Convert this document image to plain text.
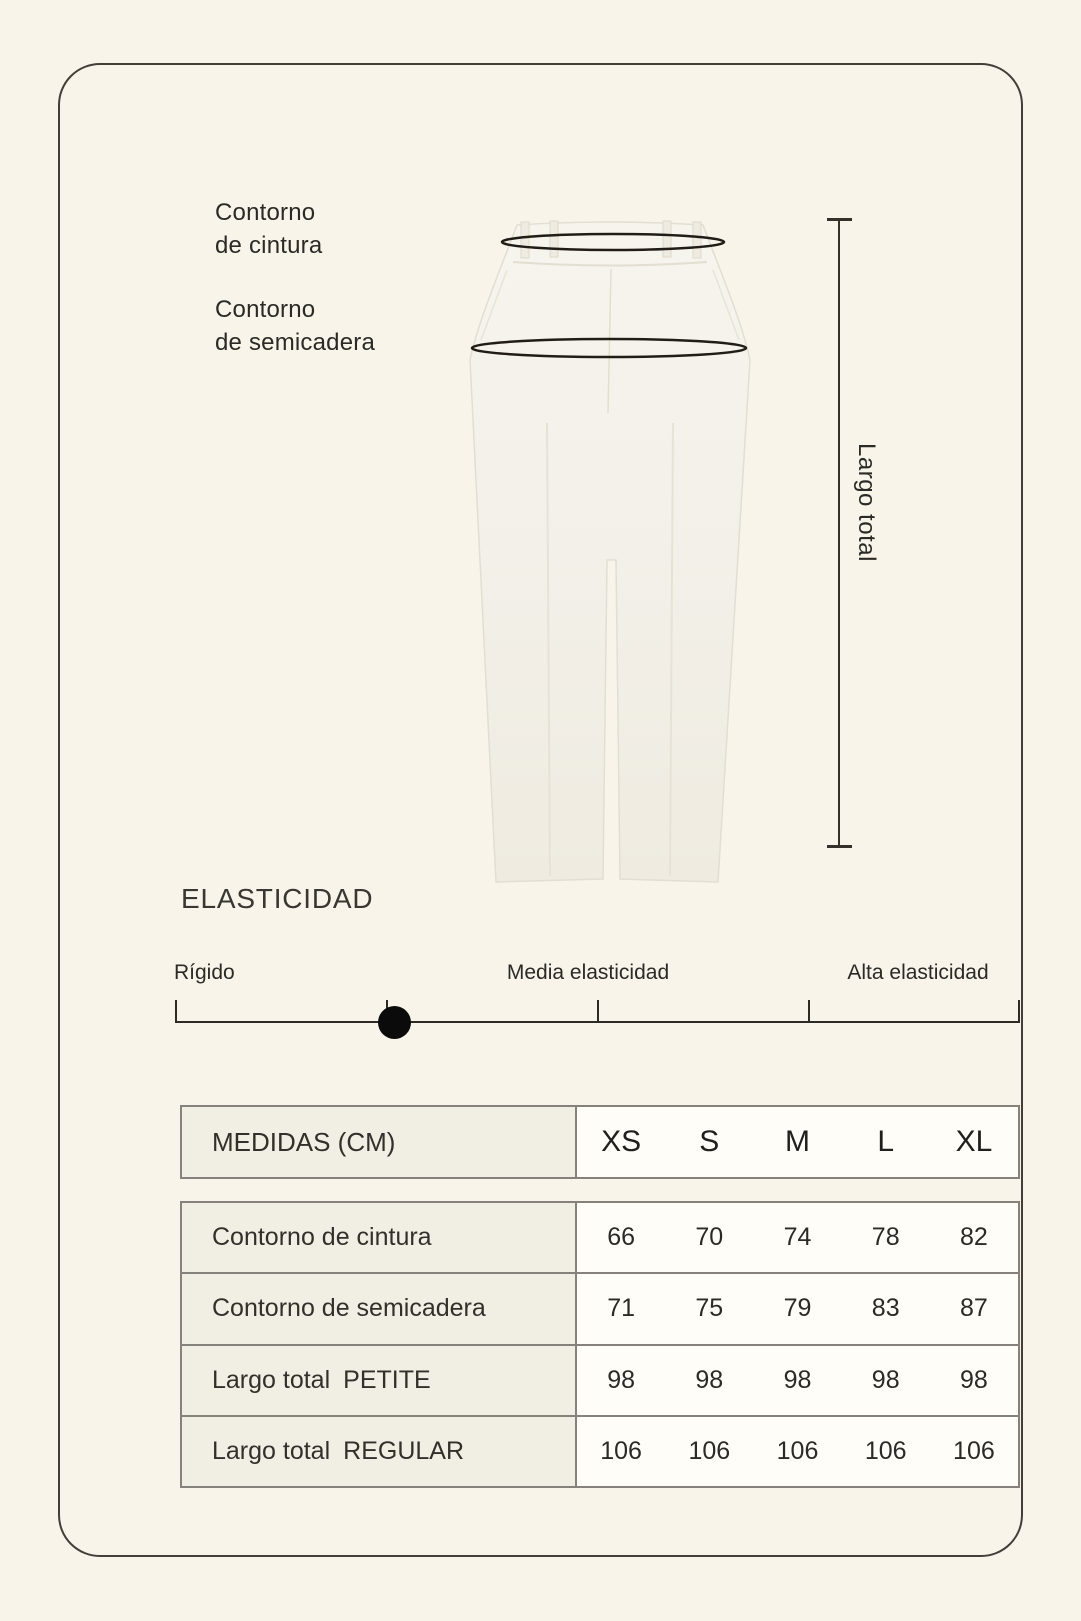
Contorno
de cintura
Contorno
de semicadera
Largo total
ELASTICIDAD
Rígido	Media elasticidad	Alta elasticidad
MEDIDAS (CM)	XS	S	M	L	XL
Contorno de cintura	66	70	74	78	82
Contorno de semicadera	71	75	79	83	87
Largo total PETITE	98	98	98	98	98
Largo total REGULAR	106	106	106	106	106
